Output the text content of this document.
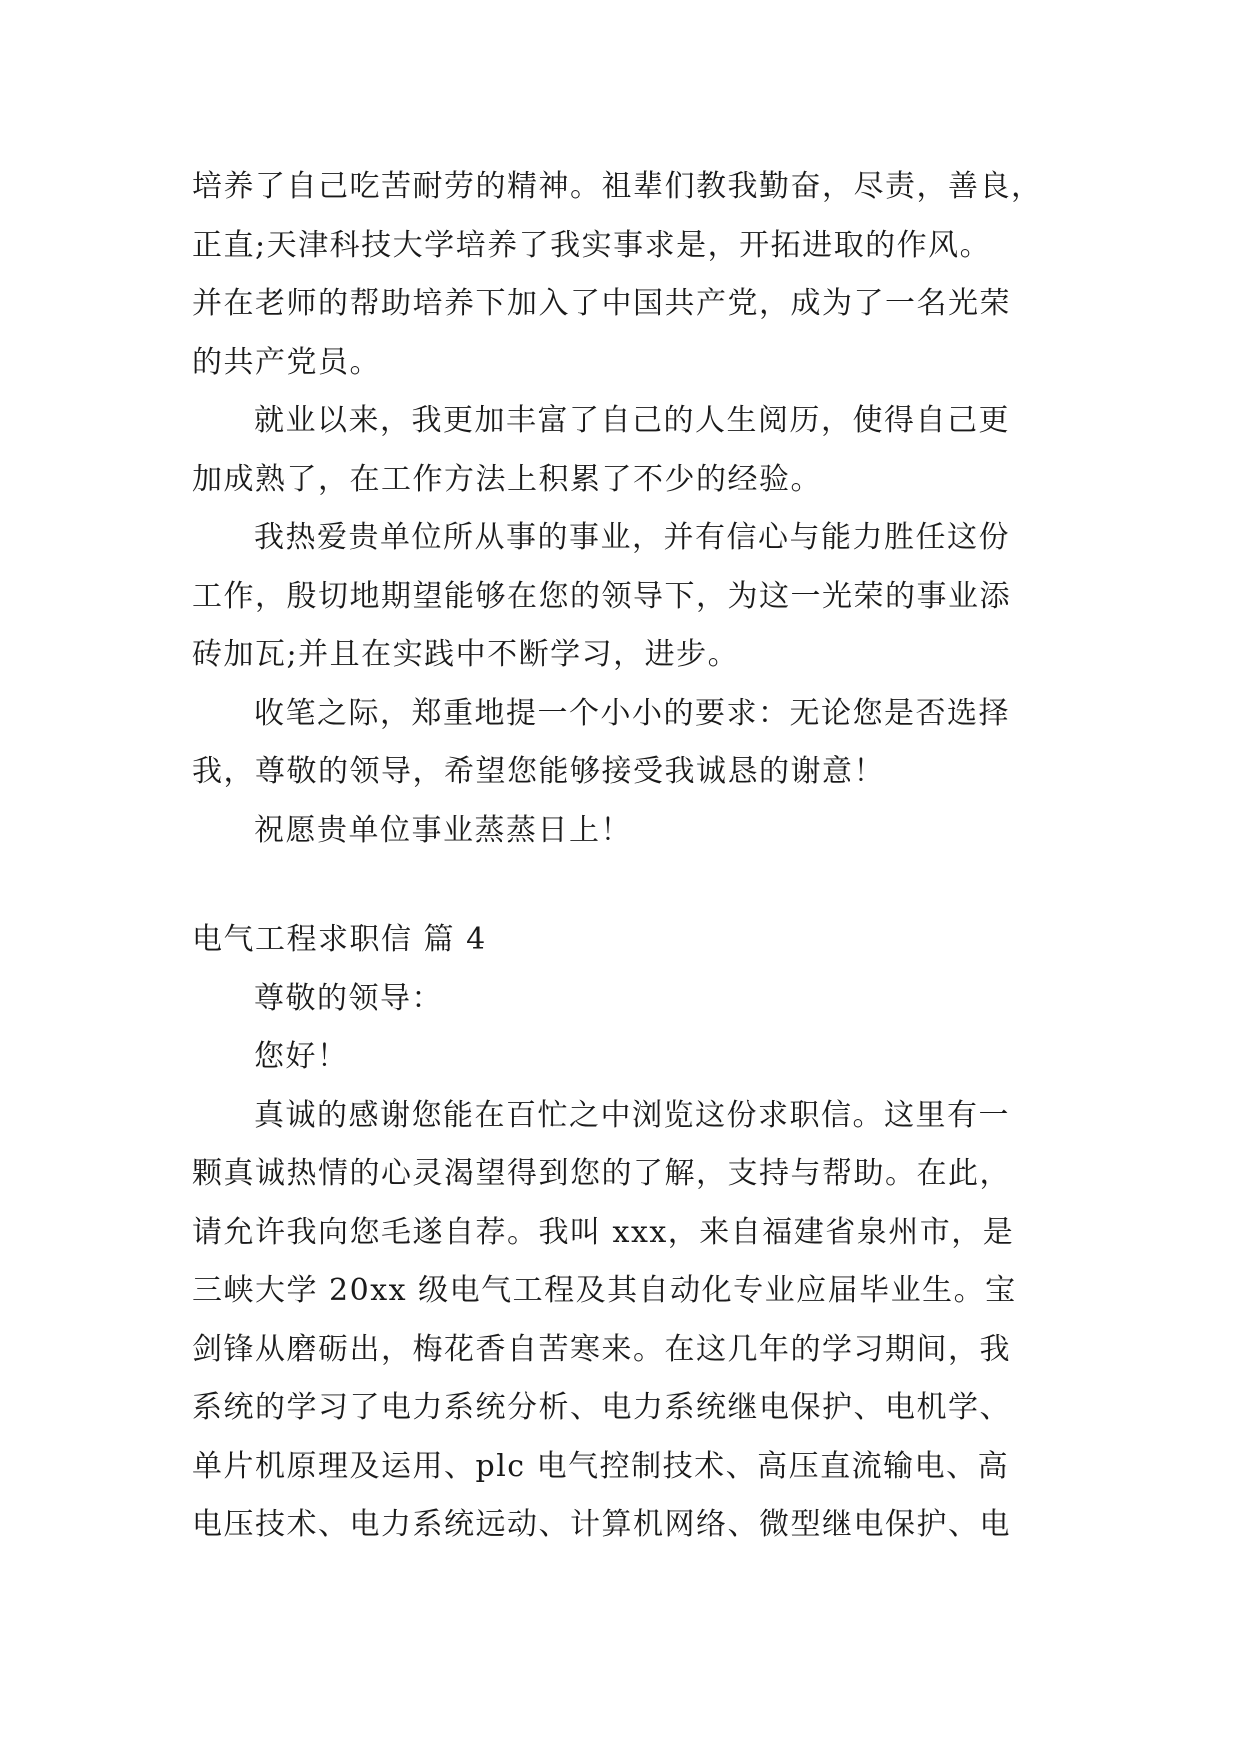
培养了自己吃苦耐劳的精神。祖辈们教我勤奋，尽责，善良，
正直;天津科技大学培养了我实事求是，开拓进取的作风。
并在老师的帮助培养下加入了中国共产党，成为了一名光荣
的共产党员。
就业以来，我更加丰富了自己的人生阅历，使得自己更
加成熟了，在工作方法上积累了不少的经验。
我热爱贵单位所从事的事业，并有信心与能力胜任这份
工作，殷切地期望能够在您的领导下，为这一光荣的事业添
砖加瓦;并且在实践中不断学习，进步。
收笔之际，郑重地提一个小小的要求：无论您是否选择
我，尊敬的领导，希望您能够接受我诚恳的谢意！
祝愿贵单位事业蒸蒸日上！
电气工程求职信 篇 4
尊敬的领导：
您好！
真诚的感谢您能在百忙之中浏览这份求职信。这里有一
颗真诚热情的心灵渴望得到您的了解，支持与帮助。在此，
请允许我向您毛遂自荐。我叫 xxx，来自福建省泉州市，是
三峡大学 20xx 级电气工程及其自动化专业应届毕业生。宝
剑锋从磨砺出，梅花香自苦寒来。在这几年的学习期间，我
系统的学习了电力系统分析、电力系统继电保护、电机学、
单片机原理及运用、plc 电气控制技术、高压直流输电、高
电压技术、电力系统远动、计算机网络、微型继电保护、电
